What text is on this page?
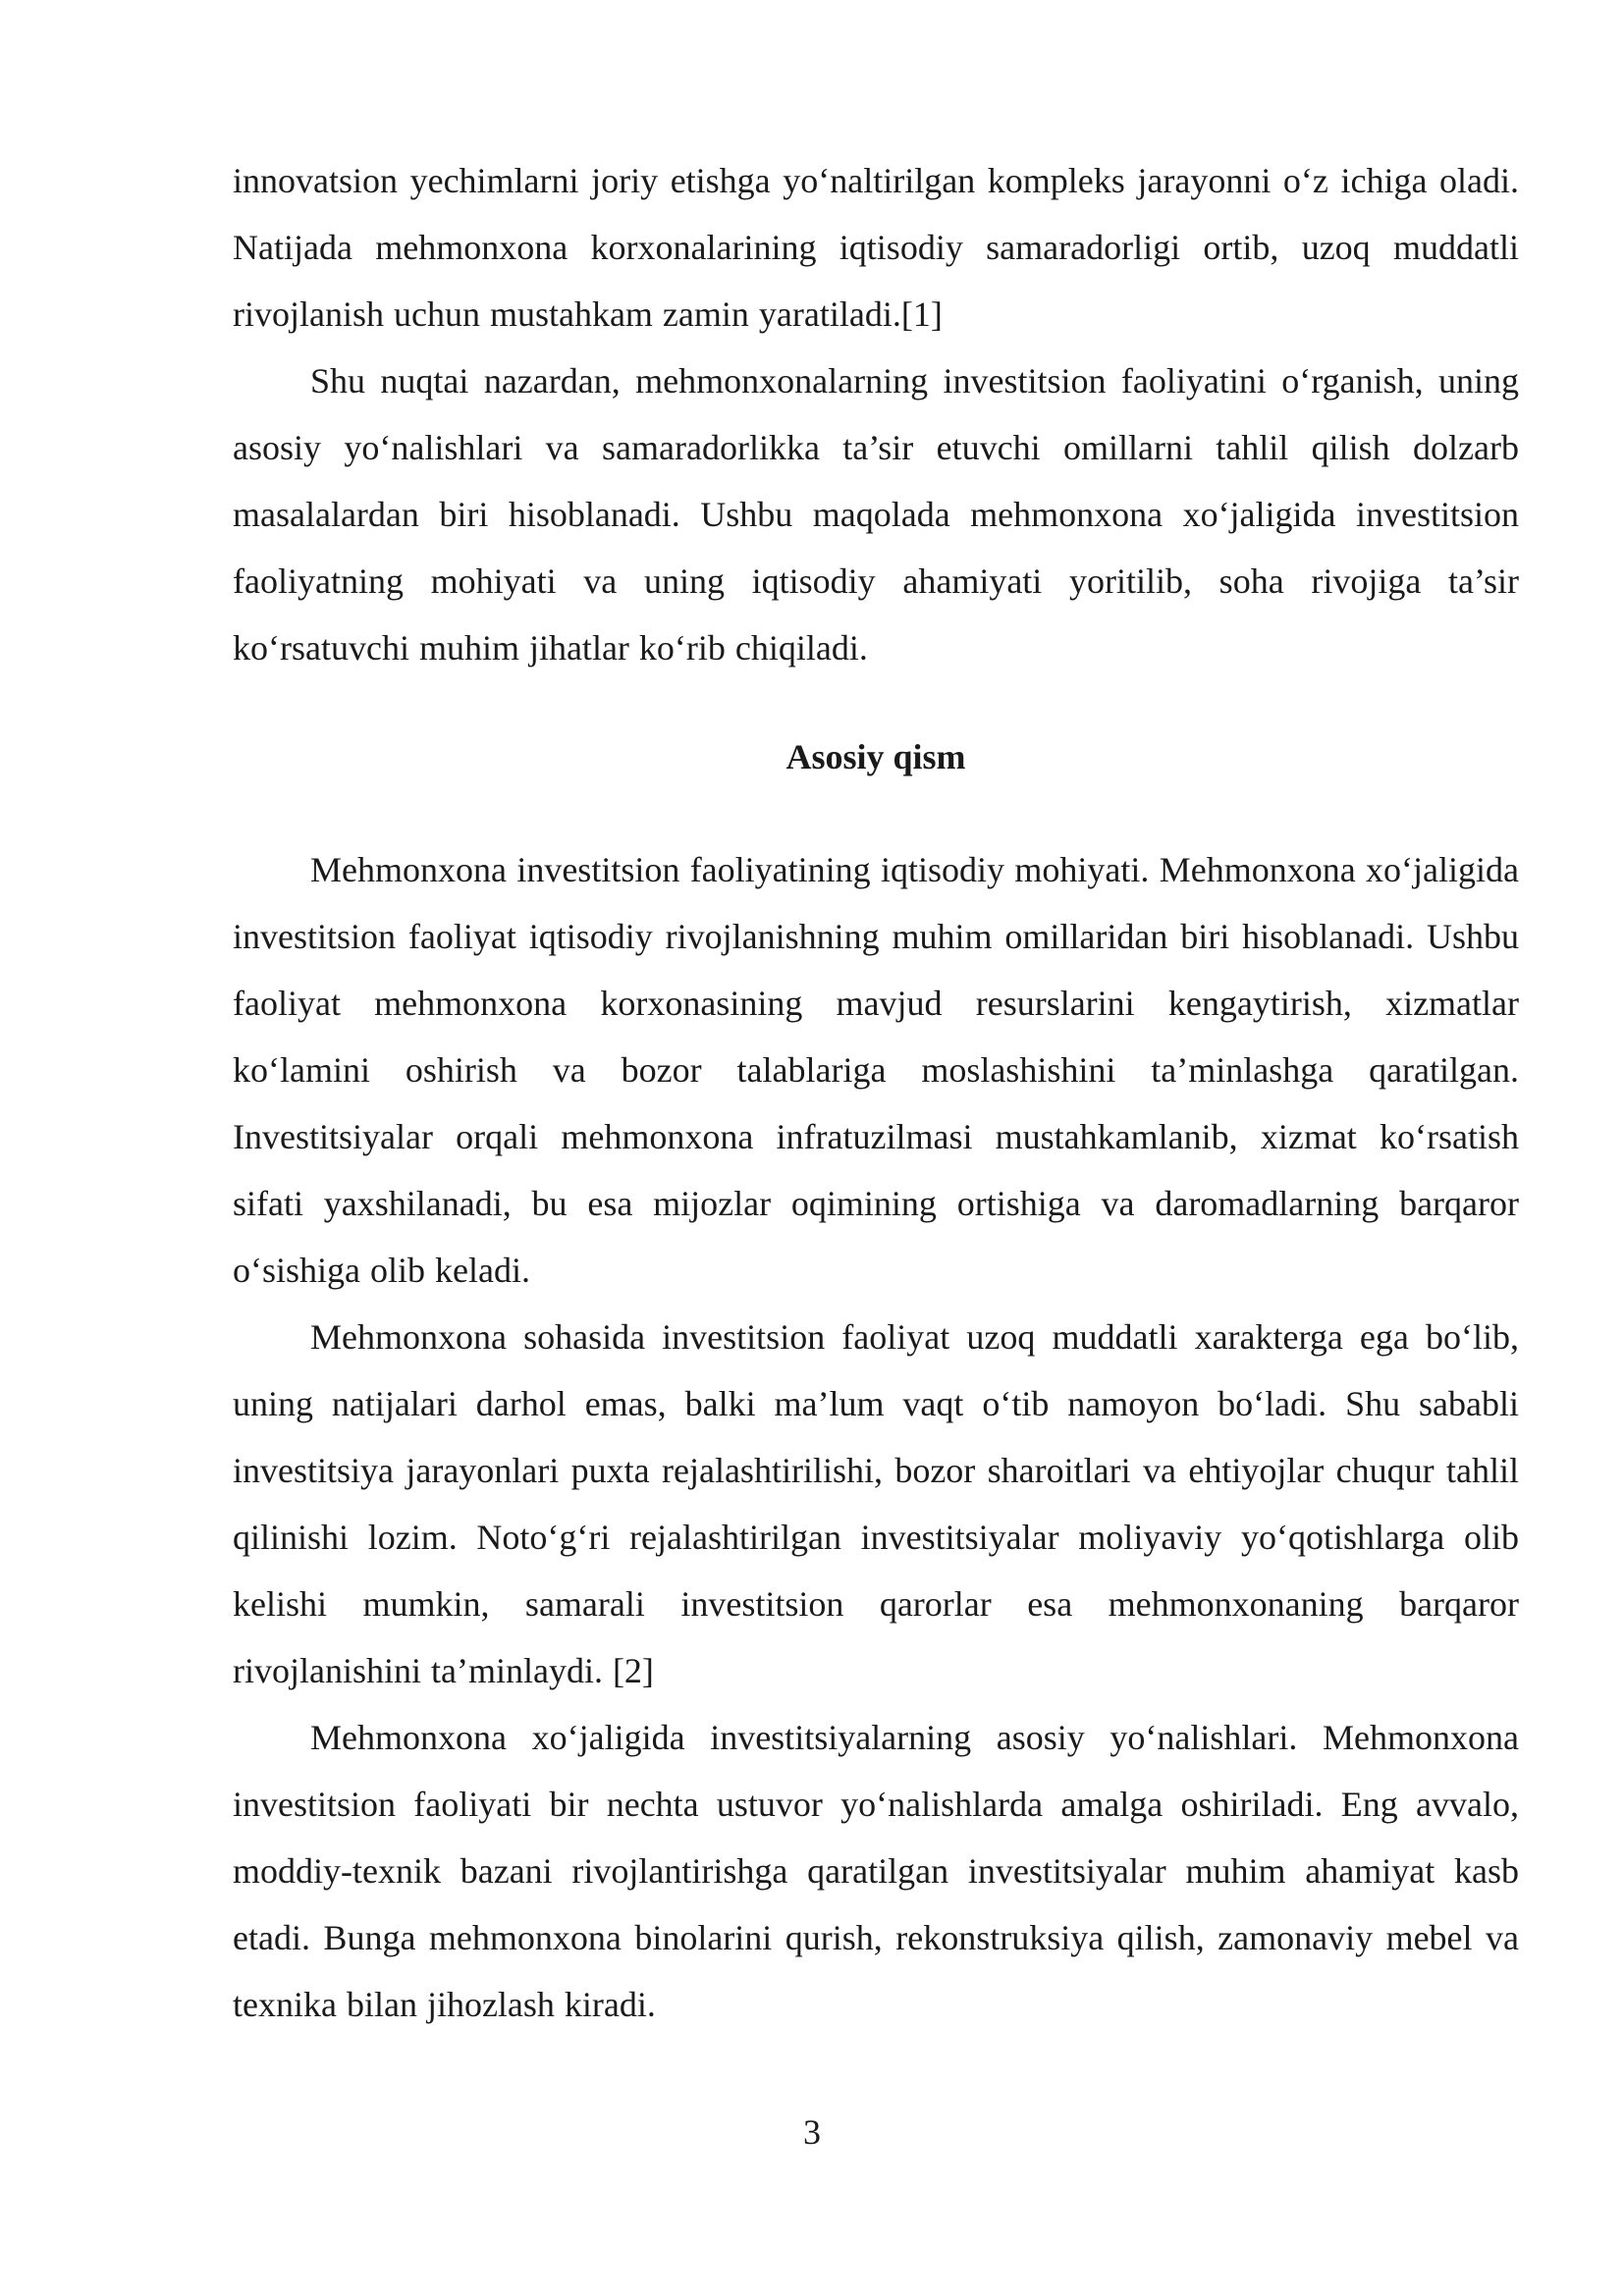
innovatsion yechimlarni joriy etishga yo‘naltirilgan kompleks jarayonni o‘z ichiga oladi. Natijada mehmonxona korxonalarining iqtisodiy samaradorligi ortib, uzoq muddatli rivojlanish uchun mustahkam zamin yaratiladi.[1]

Shu nuqtai nazardan, mehmonxonalarning investitsion faoliyatini o‘rganish, uning asosiy yo‘nalishlari va samaradorlikka ta’sir etuvchi omillarni tahlil qilish dolzarb masalalardan biri hisoblanadi. Ushbu maqolada mehmonxona xo‘jaligida investitsion faoliyatning mohiyati va uning iqtisodiy ahamiyati yoritilib, soha rivojiga ta’sir ko‘rsatuvchi muhim jihatlar ko‘rib chiqiladi.

Asosiy qism

Mehmonxona investitsion faoliyatining iqtisodiy mohiyati. Mehmonxona xo‘jaligida investitsion faoliyat iqtisodiy rivojlanishning muhim omillaridan biri hisoblanadi. Ushbu faoliyat mehmonxona korxonasining mavjud resurslarini kengaytirish, xizmatlar ko‘lamini oshirish va bozor talablariga moslashishini ta’minlashga qaratilgan. Investitsiyalar orqali mehmonxona infratuzilmasi mustahkamlanib, xizmat ko‘rsatish sifati yaxshilanadi, bu esa mijozlar oqimining ortishiga va daromadlarning barqaror o‘sishiga olib keladi.

Mehmonxona sohasida investitsion faoliyat uzoq muddatli xarakterga ega bo‘lib, uning natijalari darhol emas, balki ma’lum vaqt o‘tib namoyon bo‘ladi. Shu sababli investitsiya jarayonlari puxta rejalashtirilishi, bozor sharoitlari va ehtiyojlar chuqur tahlil qilinishi lozim. Noto‘g‘ri rejalashtirilgan investitsiyalar moliyaviy yo‘qotishlarga olib kelishi mumkin, samarali investitsion qarorlar esa mehmonxonaning barqaror rivojlanishini ta’minlaydi. [2]

Mehmonxona xo‘jaligida investitsiyalarning asosiy yo‘nalishlari. Mehmonxona investitsion faoliyati bir nechta ustuvor yo‘nalishlarda amalga oshiriladi. Eng avvalo, moddiy-texnik bazani rivojlantirishga qaratilgan investitsiyalar muhim ahamiyat kasb etadi. Bunga mehmonxona binolarini qurish, rekonstruksiya qilish, zamonaviy mebel va texnika bilan jihozlash kiradi.

3
